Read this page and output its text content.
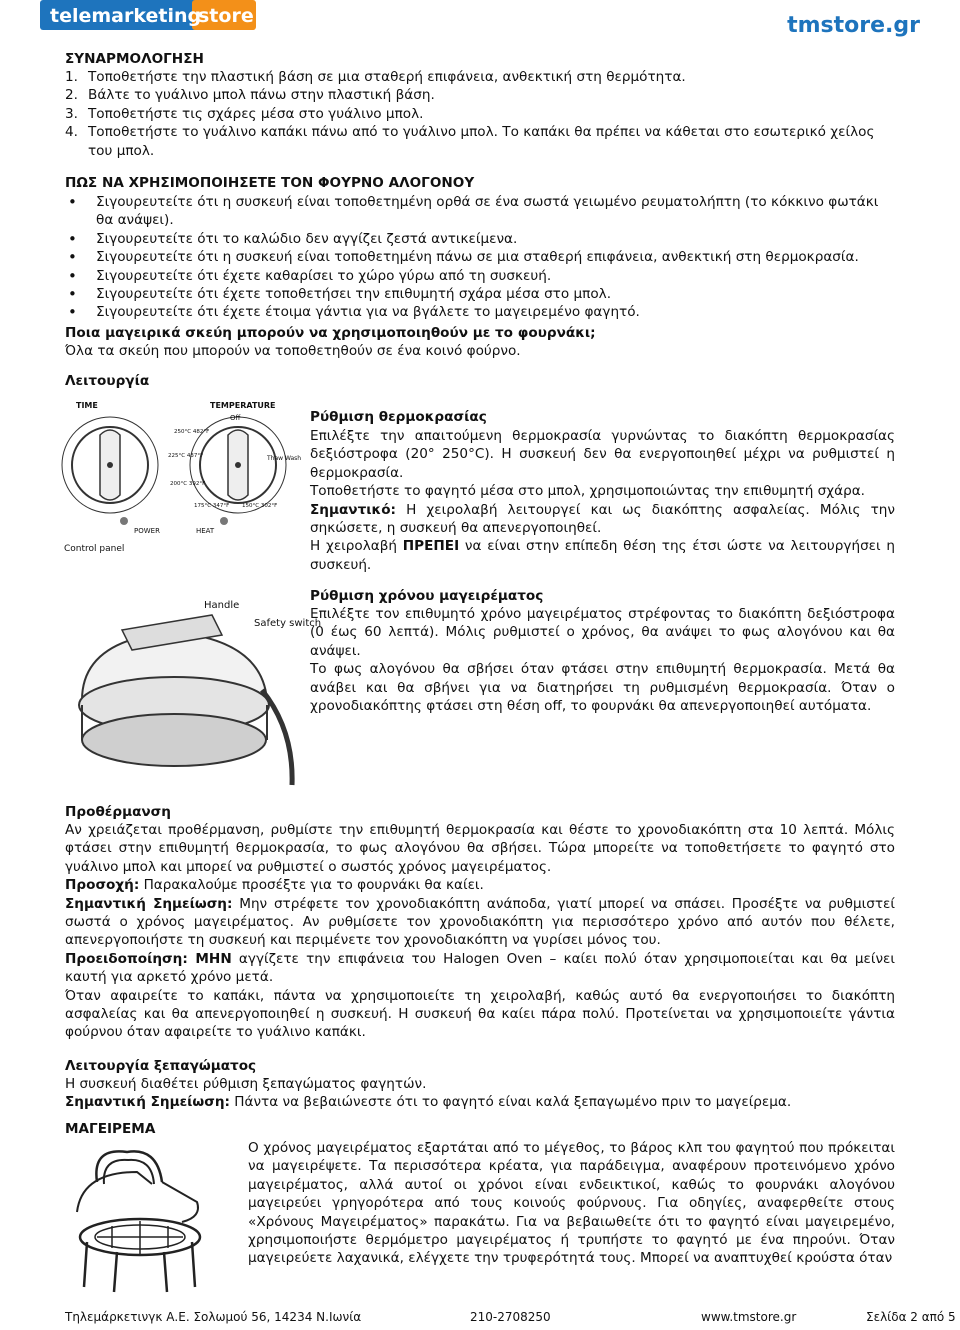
telemarketing
store	tmstore.gr
ΣΥΝΑΡΜΟΛΟΓΗΣΗ
1. Τοποθετήστε την πλαστική βάση σε μια σταθερή επιφάνεια, ανθεκτική στη θερμότητα.
2. Βάλτε το γυάλινο μπολ πάνω στην πλαστική βάση.
3. Τοποθετήστε τις σχάρες μέσα στο γυάλινο μπολ.
4. Τοποθετήστε το γυάλινο καπάκι πάνω από το γυάλινο μπολ. Το καπάκι θα πρέπει να κάθεται στο εσωτερικό χείλος του μπολ.
ΠΩΣ ΝΑ ΧΡΗΣΙΜΟΠΟΙΗΣΕΤΕ ΤΟΝ ΦΟΥΡΝΟ ΑΛΟΓΟΝΟΥ
• Σιγουρευτείτε ότι η συσκευή είναι τοποθετημένη ορθά σε ένα σωστά γειωμένο ρευματολήπτη (το κόκκινο φωτάκι θα ανάψει).
• Σιγουρευτείτε ότι το καλώδιο δεν αγγίζει ζεστά αντικείμενα.
• Σιγουρευτείτε ότι η συσκευή είναι τοποθετημένη πάνω σε μια σταθερή επιφάνεια, ανθεκτική στη θερμοκρασία.
• Σιγουρευτείτε ότι έχετε καθαρίσει το χώρο γύρω από τη συσκευή.
• Σιγουρευτείτε ότι έχετε τοποθετήσει την επιθυμητή σχάρα μέσα στο μπολ.
• Σιγουρευτείτε ότι έχετε έτοιμα γάντια για να βγάλετε το μαγειρεμένο φαγητό.
Ποια μαγειρικά σκεύη μπορούν να χρησιμοποιηθούν με το φουρνάκι;
Όλα τα σκεύη που μπορούν να τοποθετηθούν σε ένα κοινό φούρνο.
Λειτουργία
TIME	TEMPERATURE
Off
250°C 482°F
225°C 437°F
200°C 392°F
175°C 347°F 150°C 302°F
Thaw Wash
POWER	HEAT
Control panel
Handle
Safety switch
Ρύθμιση θερμοκρασίας
Επιλέξτε την απαιτούμενη θερμοκρασία γυρνώντας το διακόπτη θερμοκρασίας δεξιόστροφα (20° 250°C). Η συσκευή δεν θα ενεργοποιηθεί μέχρι να ρυθμιστεί η θερμοκρασία.
Τοποθετήστε το φαγητό μέσα στο μπολ, χρησιμοποιώντας την επιθυμητή σχάρα.
Σημαντικό: Η χειρολαβή λειτουργεί και ως διακόπτης ασφαλείας. Μόλις την σηκώσετε, η συσκευή θα απενεργοποιηθεί.
Η χειρολαβή ΠΡΕΠΕΙ να είναι στην επίπεδη θέση της έτσι ώστε να λειτουργήσει η συσκευή.
Ρύθμιση χρόνου μαγειρέματος
Επιλέξτε τον επιθυμητό χρόνο μαγειρέματος στρέφοντας το διακόπτη δεξιόστροφα (0 έως 60 λεπτά). Μόλις ρυθμιστεί ο χρόνος, θα ανάψει το φως αλογόνου και θα ανάψει.
Το φως αλογόνου θα σβήσει όταν φτάσει στην επιθυμητή θερμοκρασία. Μετά θα ανάβει και θα σβήνει για να διατηρήσει τη ρυθμισμένη θερμοκρασία. Όταν ο χρονοδιακόπτης φτάσει στη θέση off, το φουρνάκι θα απενεργοποιηθεί αυτόματα.
Προθέρμανση
Αν χρειάζεται προθέρμανση, ρυθμίστε την επιθυμητή θερμοκρασία και θέστε το χρονοδιακόπτη στα 10 λεπτά. Μόλις φτάσει στην επιθυμητή θερμοκρασία, το φως αλογόνου θα σβήσει. Τώρα μπορείτε να τοποθετήσετε το φαγητό στο γυάλινο μπολ και μπορεί να ρυθμιστεί ο σωστός χρόνος μαγειρέματος.
Προσοχή: Παρακαλούμε προσέξτε για το φουρνάκι θα καίει.
Σημαντική Σημείωση: Μην στρέφετε τον χρονοδιακόπτη ανάποδα, γιατί μπορεί να σπάσει. Προσέξτε να ρυθμιστεί σωστά ο χρόνος μαγειρέματος. Αν ρυθμίσετε τον χρονοδιακόπτη για περισσότερο χρόνο από αυτόν που θέλετε, απενεργοποιήστε τη συσκευή και περιμένετε τον χρονοδιακόπτη να γυρίσει μόνος του.
Προειδοποίηση: ΜΗΝ αγγίζετε την επιφάνεια του Halogen Oven – καίει πολύ όταν χρησιμοποιείται και θα μείνει καυτή για αρκετό χρόνο μετά.
Όταν αφαιρείτε το καπάκι, πάντα να χρησιμοποιείτε τη χειρολαβή, καθώς αυτό θα ενεργοποιήσει το διακόπτη ασφαλείας και θα απενεργοποιηθεί η συσκευή. Η συσκευή θα καίει πάρα πολύ. Προτείνεται να χρησιμοποιείτε γάντια φούρνου όταν αφαιρείτε το γυάλινο καπάκι.
Λειτουργία ξεπαγώματος
Η συσκευή διαθέτει ρύθμιση ξεπαγώματος φαγητών.
Σημαντική Σημείωση: Πάντα να βεβαιώνεστε ότι το φαγητό είναι καλά ξεπαγωμένο πριν το μαγείρεμα.
ΜΑΓΕΙΡΕΜΑ
Ο χρόνος μαγειρέματος εξαρτάται από το μέγεθος, το βάρος κλπ του φαγητού που πρόκειται να μαγειρέψετε. Τα περισσότερα κρέατα, για παράδειγμα, αναφέρουν προτεινόμενο χρόνο μαγειρέματος, αλλά αυτοί οι χρόνοι είναι ενδεικτικοί, καθώς το φουρνάκι αλογόνου μαγειρεύει γρηγορότερα από τους κοινούς φούρνους. Για οδηγίες, αναφερθείτε στους «Χρόνους Μαγειρέματος» παρακάτω. Για να βεβαιωθείτε ότι το φαγητό είναι μαγειρεμένο, χρησιμοποιήστε θερμόμετρο μαγειρέματος ή τρυπήστε το φαγητό με ένα πηρούνι. Όταν μαγειρεύετε λαχανικά, ελέγχετε την τρυφερότητά τους. Μπορεί να αναπτυχθεί κρούστα όταν
Τηλεμάρκετινγκ Α.Ε. Σολωμού 56, 14234 Ν.Ιωνία	210-2708250	www.tmstore.gr	Σελίδα 2 από 5
